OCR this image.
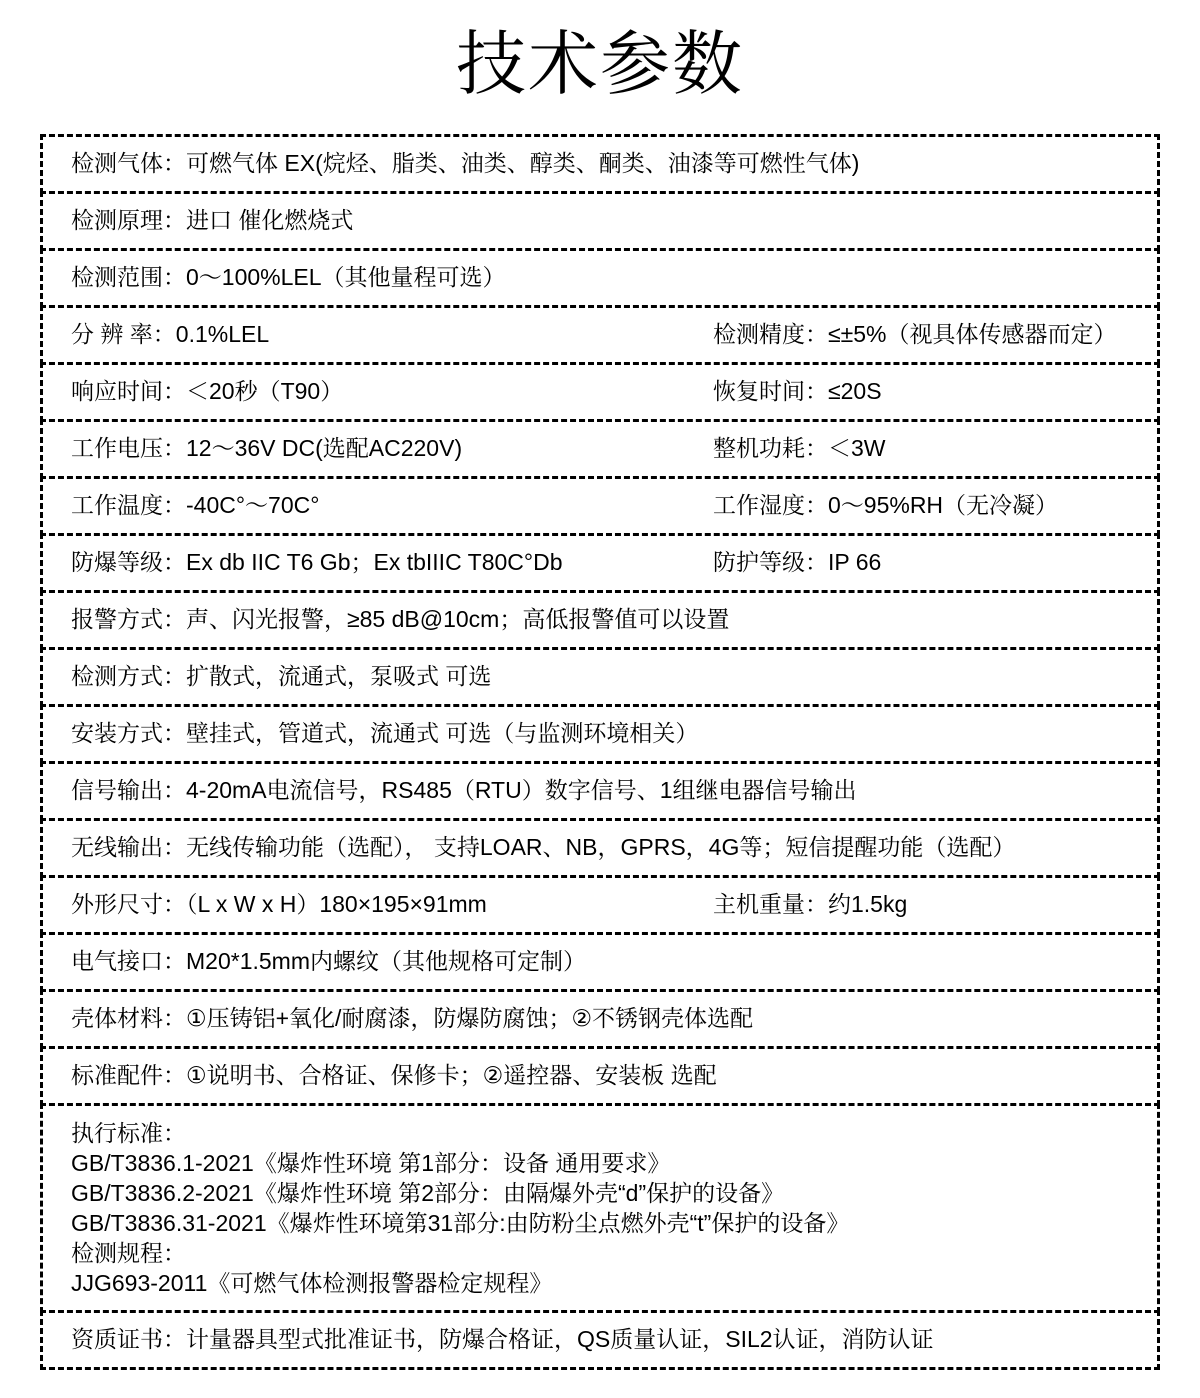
技术参数
检测气体：可燃气体 EX(烷烃、脂类、油类、醇类、酮类、油漆等可燃性气体)
检测原理：进口 催化燃烧式
检测范围：0～100%LEL（其他量程可选）
分 辨 率：0.1%LEL	检测精度：≤±5%（视具体传感器而定）
响应时间：＜20秒（T90）	恢复时间：≤20S
工作电压：12～36V DC(选配AC220V)	整机功耗：＜3W
工作温度：-40C°～70C°	工作湿度：0～95%RH（无冷凝）
防爆等级：Ex db IIC T6 Gb；Ex tbIIIC T80C°Db	防护等级：IP 66
报警方式：声、闪光报警，≥85 dB@10cm；高低报警值可以设置
检测方式：扩散式，流通式，泵吸式 可选
安装方式：壁挂式，管道式，流通式 可选（与监测环境相关）
信号输出：4-20mA电流信号，RS485（RTU）数字信号、1组继电器信号输出
无线输出：无线传输功能（选配）， 支持LOAR、NB，GPRS，4G等；短信提醒功能（选配）
外形尺寸：（L x W x H）180×195×91mm	主机重量：约1.5kg
电气接口：M20*1.5mm内螺纹（其他规格可定制）
壳体材料：①压铸铝+氧化/耐腐漆，防爆防腐蚀；②不锈钢壳体选配
标准配件：①说明书、合格证、保修卡；②遥控器、安装板 选配
执行标准：
GB/T3836.1-2021《爆炸性环境 第1部分：设备 通用要求》
GB/T3836.2-2021《爆炸性环境 第2部分：由隔爆外壳“d”保护的设备》
GB/T3836.31-2021《爆炸性环境第31部分:由防粉尘点燃外壳“t”保护的设备》
检测规程：
JJG693-2011《可燃气体检测报警器检定规程》
资质证书：计量器具型式批准证书，防爆合格证，QS质量认证，SIL2认证，消防认证
